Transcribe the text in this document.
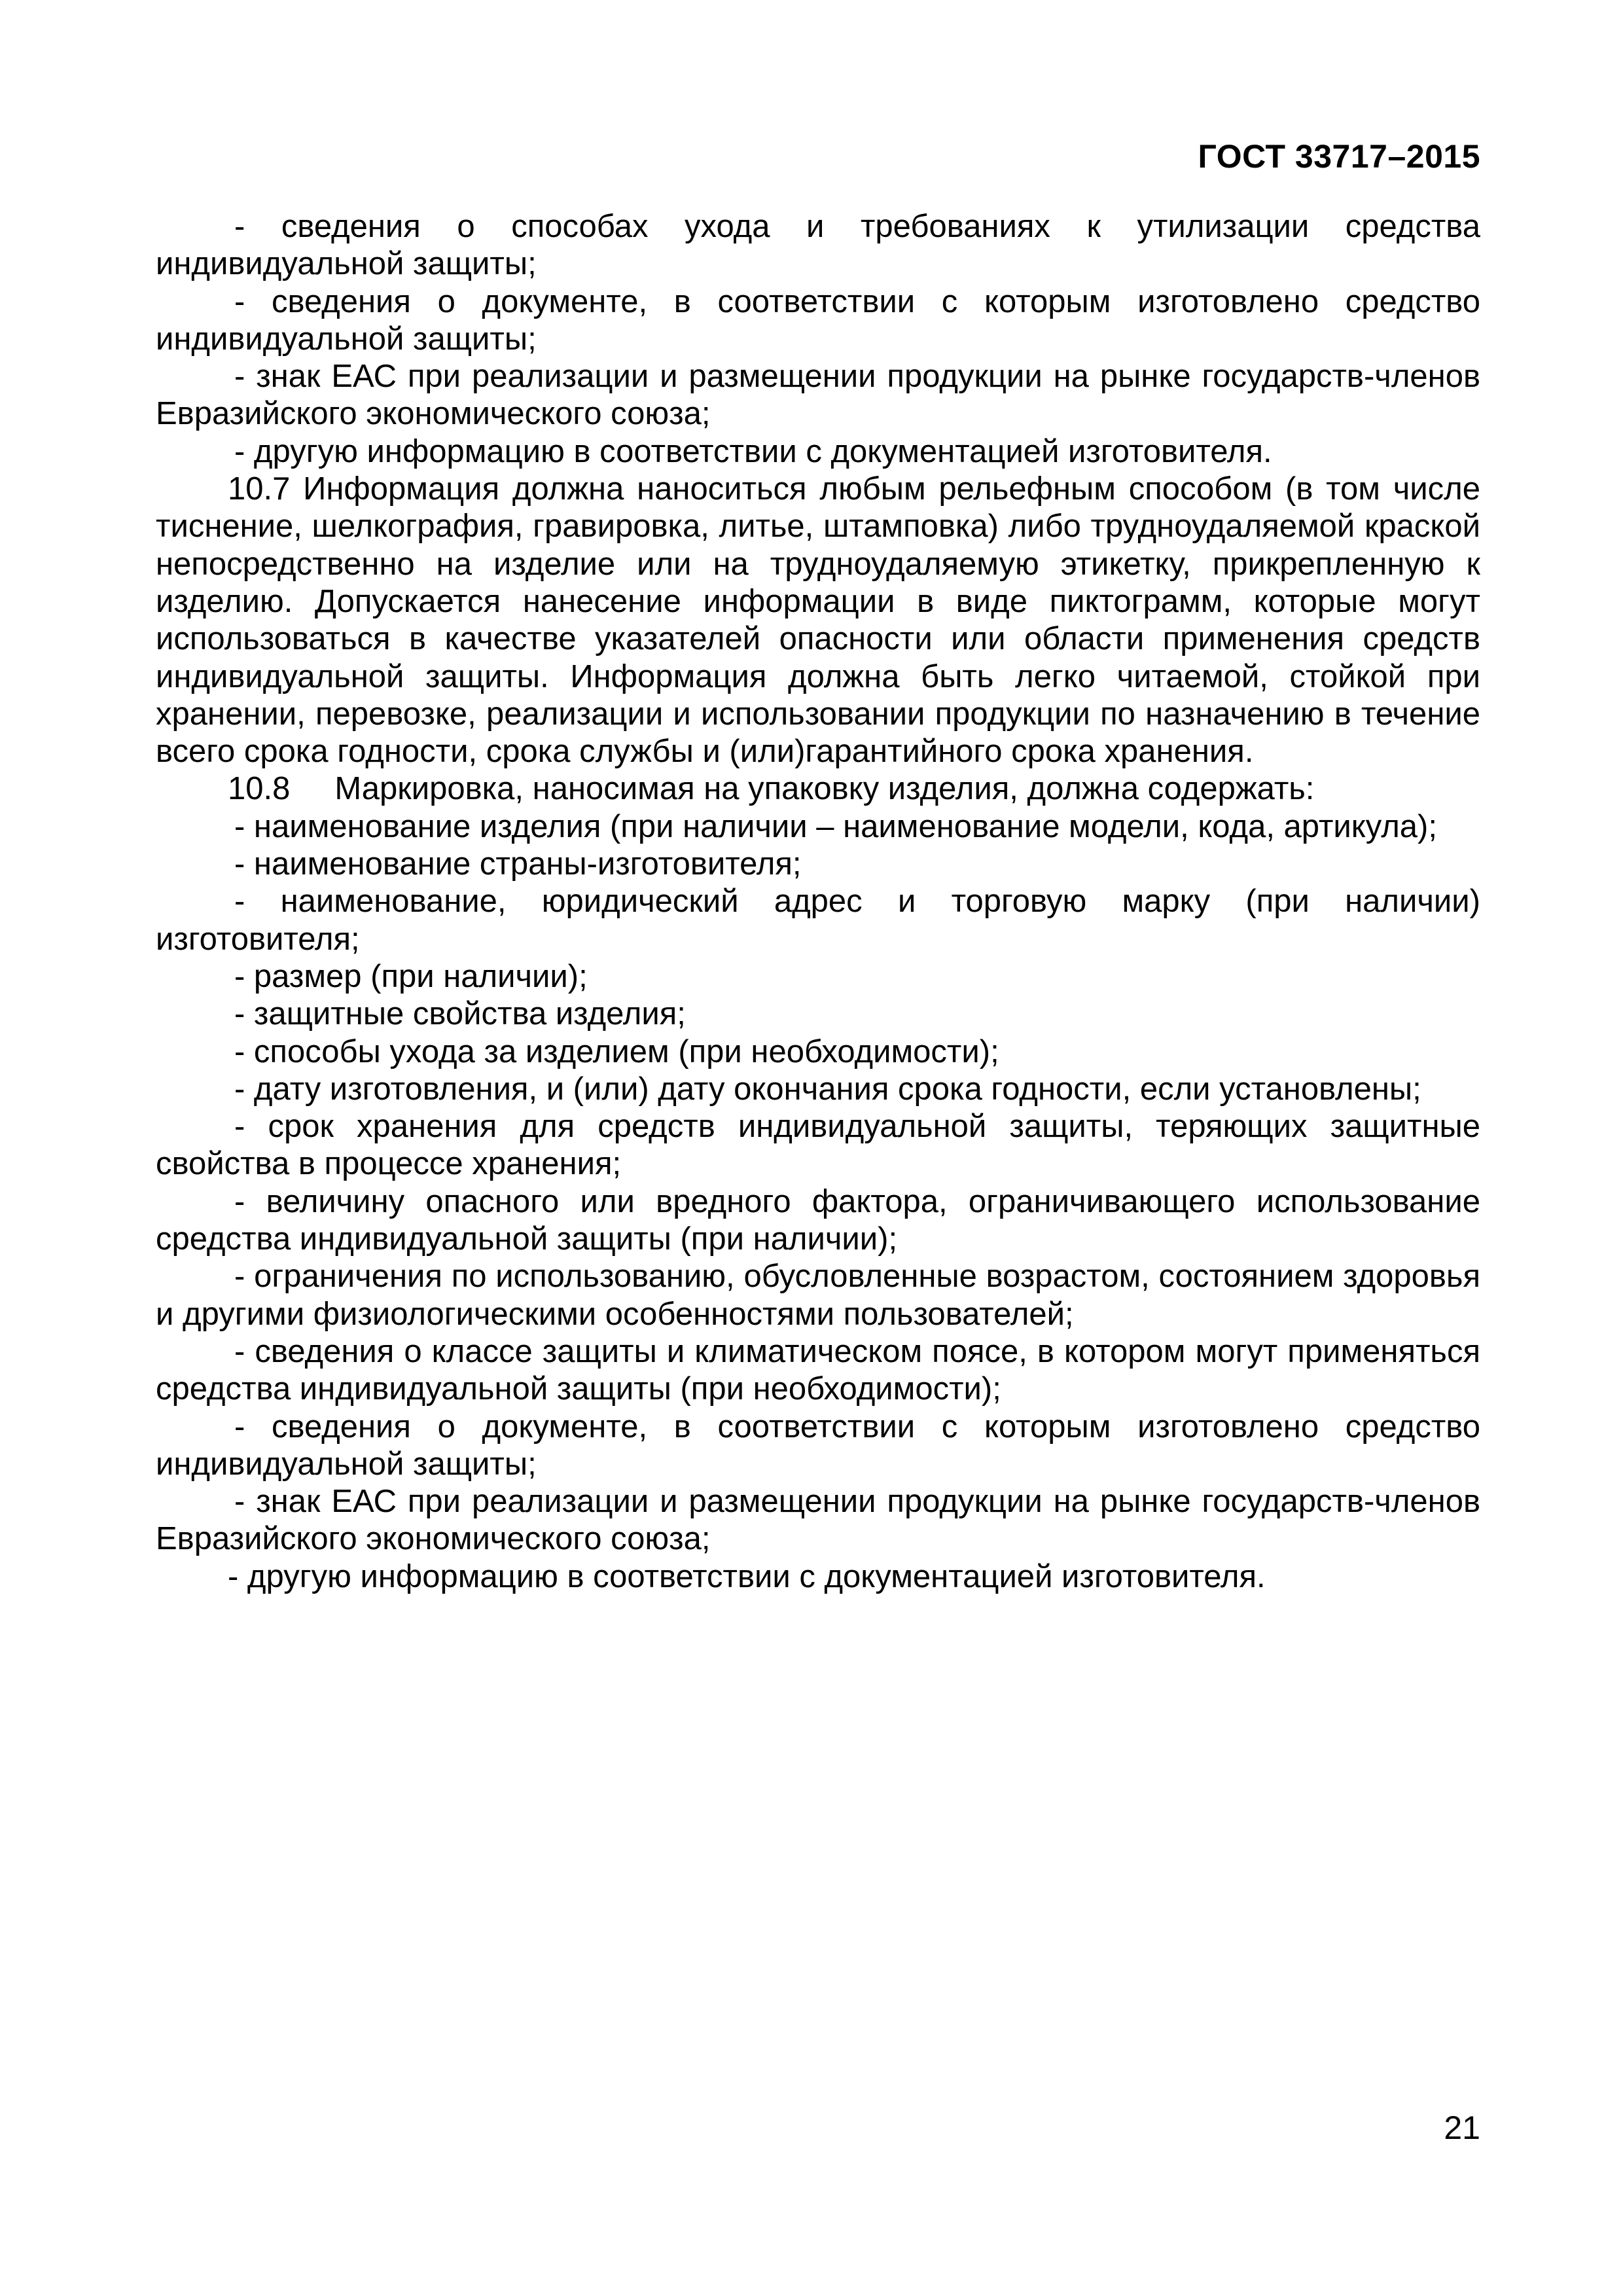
ГОСТ 33717–2015

- сведения о способах ухода и требованиях к утилизации средства индивидуальной защиты;

- сведения о документе, в соответствии с которым изготовлено средство индивидуальной защиты;

- знак ЕАС при реализации и размещении продукции на рынке государств-членов Евразийского экономического союза;

- другую информацию в соответствии с документацией изготовителя.

10.7 Информация должна наноситься любым рельефным способом (в том числе тиснение, шелкография, гравировка, литье, штамповка) либо трудноудаляемой краской непосредственно на изделие или на трудноудаляемую этикетку, прикрепленную к изделию. Допускается нанесение информации в виде пиктограмм, которые могут использоваться в качестве указателей опасности или области применения средств индивидуальной защиты. Информация должна быть легко читаемой, стойкой при хранении, перевозке, реализации и использовании продукции по назначению в течение всего срока годности, срока службы и (или)гарантийного срока хранения.

10.8     Маркировка, наносимая на упаковку изделия, должна содержать:

- наименование изделия (при наличии – наименование модели, кода, артикула);

- наименование страны-изготовителя;

- наименование, юридический адрес и торговую марку (при наличии) изготовителя;

- размер (при наличии);

- защитные свойства изделия;

- способы ухода за изделием (при необходимости);

- дату изготовления, и (или) дату окончания срока годности, если установлены;

- срок хранения для средств индивидуальной защиты, теряющих защитные свойства в процессе хранения;

- величину опасного или вредного фактора, ограничивающего использование средства индивидуальной защиты (при наличии);

- ограничения по использованию, обусловленные возрастом, состоянием здоровья и другими физиологическими особенностями пользователей;

- сведения о классе защиты и климатическом поясе, в котором могут применяться средства индивидуальной защиты (при необходимости);

- сведения о документе, в соответствии с которым изготовлено средство индивидуальной защиты;

- знак ЕАС при реализации и размещении продукции на рынке государств-членов Евразийского экономического союза;

- другую информацию в соответствии с документацией изготовителя.

21
